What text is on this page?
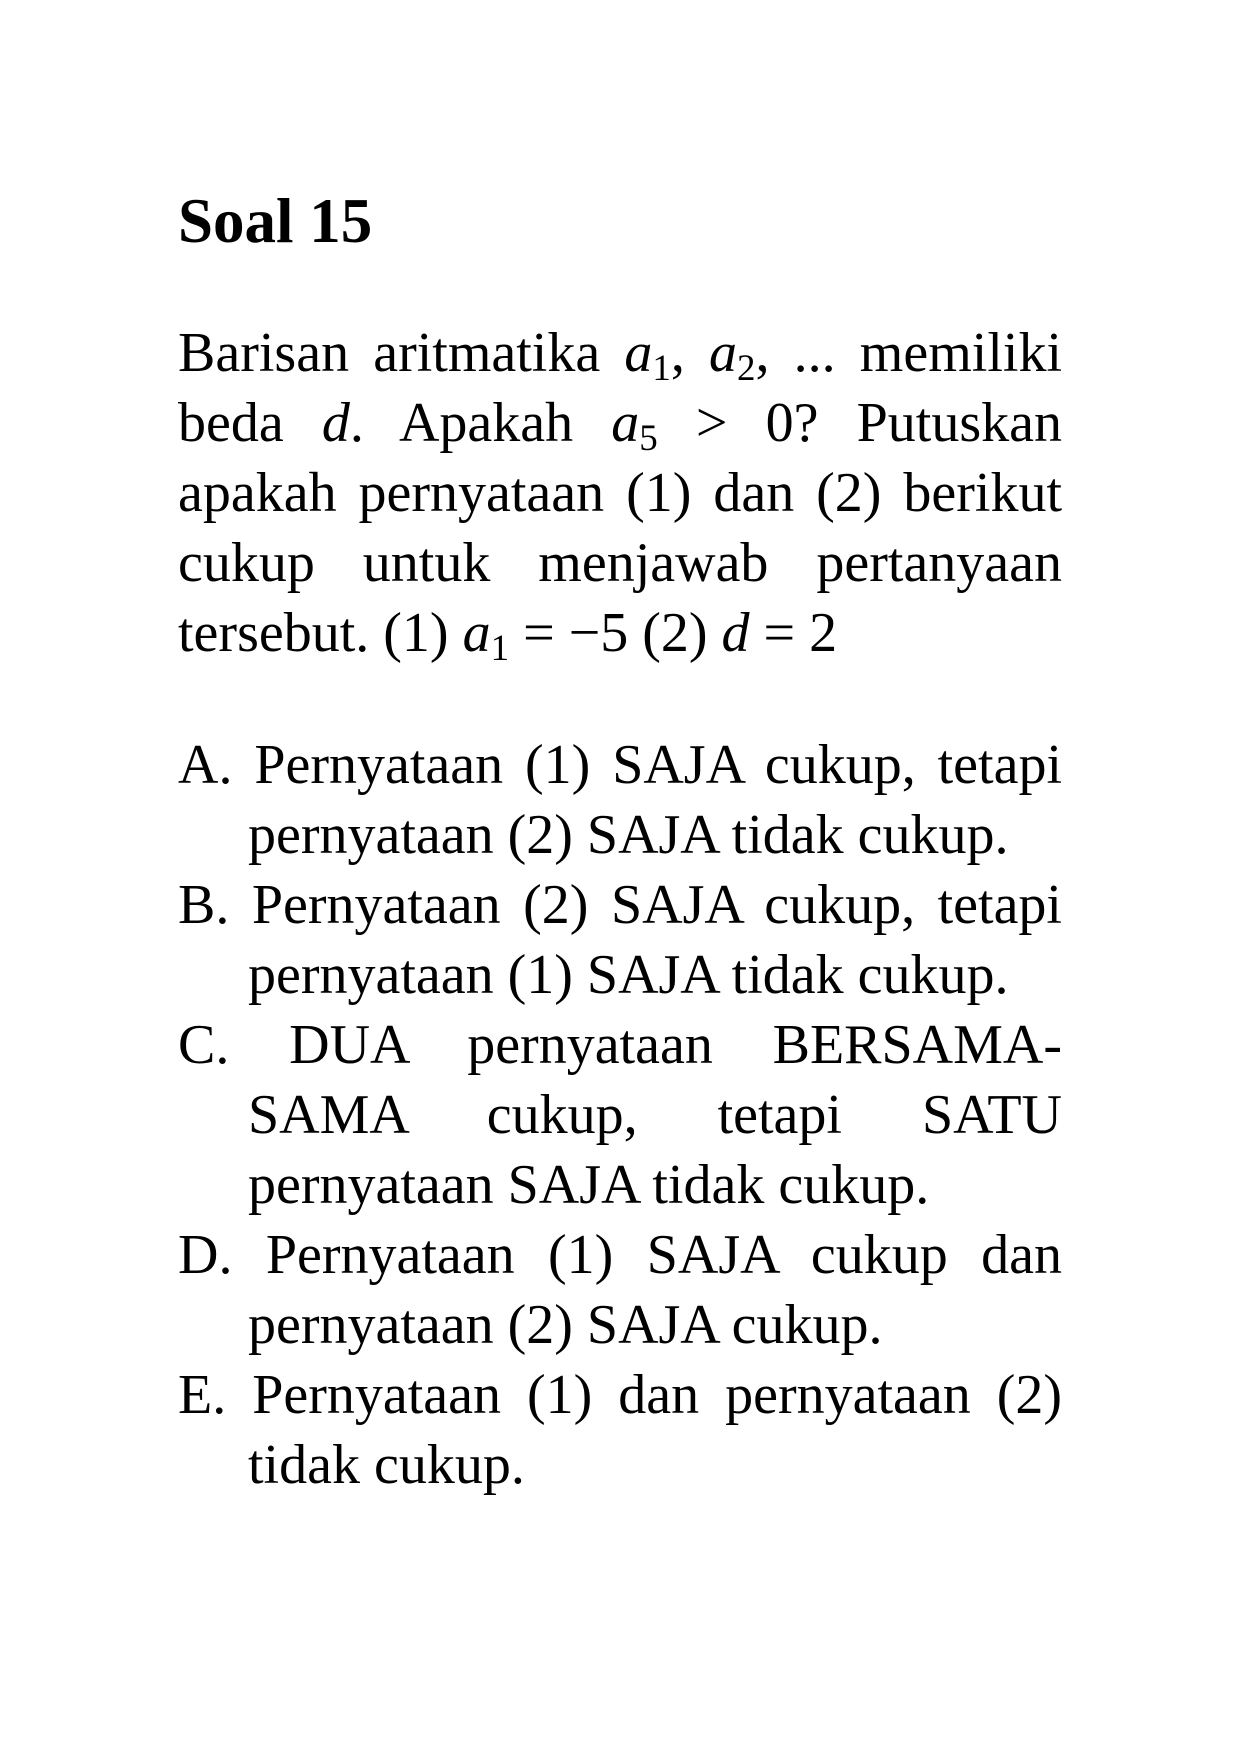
Soal 15
Barisan aritmatika $a_1$, $a_2$, ... memiliki
beda d. Apakah $a_5 > 0$? Putuskan
apakah pernyataan (1) dan (2) berikut
cukup untuk menjawab pertanyaan
tersebut. (1) $a_1 = -5$ (2) d = 2
A. Pernyataan (1) SAJA cukup, tetapi
pernyataan (2) SAJA tidak cukup.
B. Pernyataan (2) SAJA cukup, tetapi
pernyataan (1) SAJA tidak cukup.
C. DUA pernyataan BERSAMA-
SAMA cukup, tetapi SATU
pernyataan SAJA tidak cukup.
D. Pernyataan (1) SAJA cukup dan
pernyataan (2) SAJA cukup.
E. Pernyataan (1) dan pernyataan (2)
tidak cukup.
